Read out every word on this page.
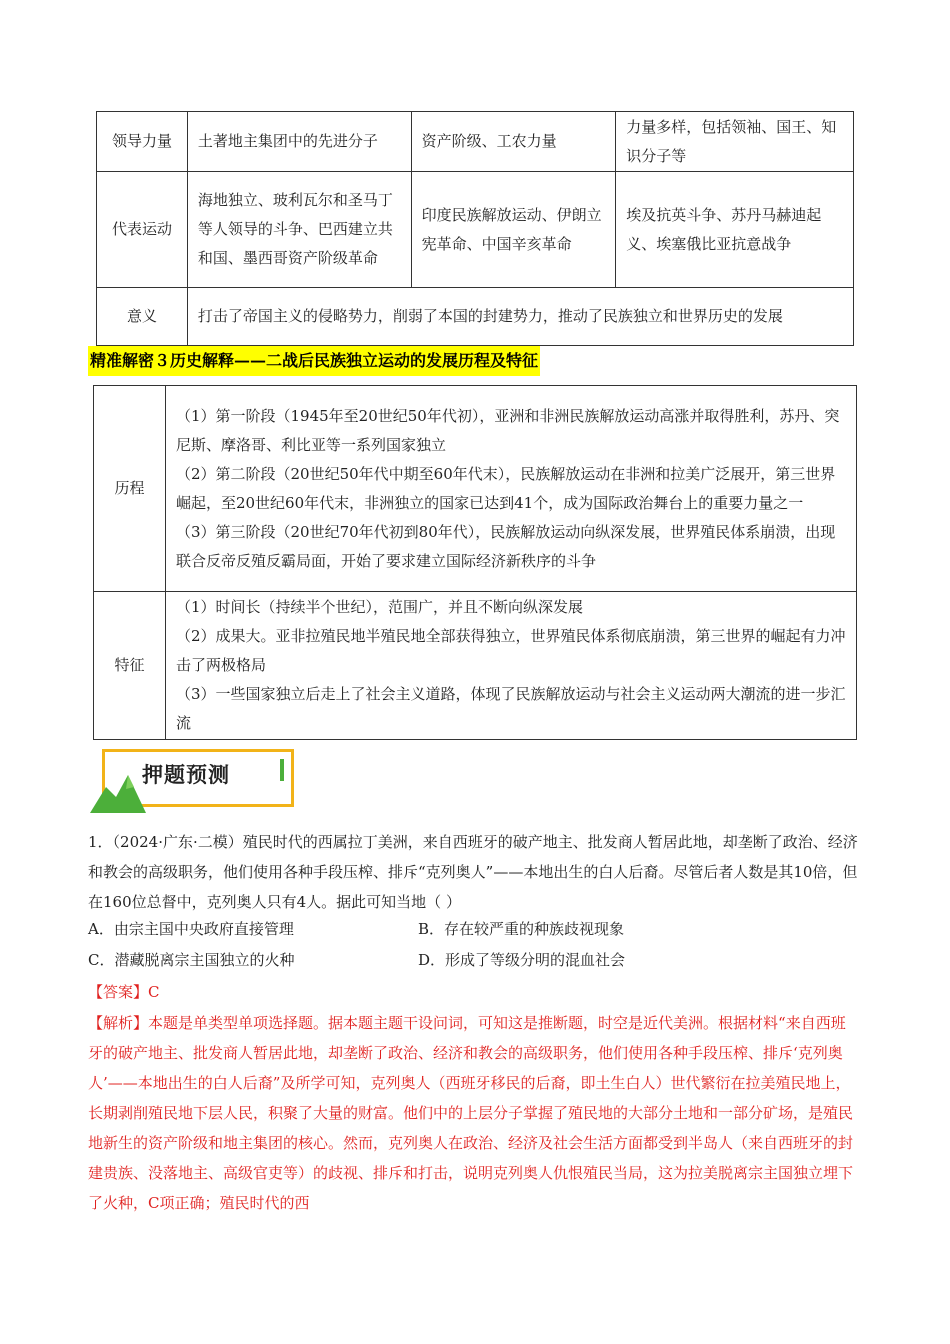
领导力量	土著地主集团中的先进分子	资产阶级、工农力量	力量多样，包括领袖、国王、知识分子等
代表运动	海地独立、玻利瓦尔和圣马丁等人领导的斗争、巴西建立共和国、墨西哥资产阶级革命	印度民族解放运动、伊朗立宪革命、中国辛亥革命	埃及抗英斗争、苏丹马赫迪起义、埃塞俄比亚抗意战争
意义	打击了帝国主义的侵略势力，削弱了本国的封建势力，推动了民族独立和世界历史的发展		
精准解密３历史解释——二战后民族独立运动的发展历程及特征
历程	（1）第一阶段（1945年至20世纪50年代初），亚洲和非洲民族解放运动高涨并取得胜利，苏丹、突尼斯、摩洛哥、利比亚等一系列国家独立
（2）第二阶段（20世纪50年代中期至60年代末），民族解放运动在非洲和拉美广泛展开，第三世界崛起，至20世纪60年代末，非洲独立的国家已达到41个，成为国际政治舞台上的重要力量之一
（3）第三阶段（20世纪70年代初到80年代），民族解放运动向纵深发展，世界殖民体系崩溃，出现联合反帝反殖反霸局面，开始了要求建立国际经济新秩序的斗争

特征	（1）时间长（持续半个世纪），范围广，并且不断向纵深发展
（2）成果大。亚非拉殖民地半殖民地全部获得独立，世界殖民体系彻底崩溃，第三世界的崛起有力冲击了两极格局
（3）一些国家独立后走上了社会主义道路，体现了民族解放运动与社会主义运动两大潮流的进一步汇流
押题预测
1．（2024·广东·二模）殖民时代的西属拉丁美洲，来自西班牙的破产地主、批发商人暂居此地，却垄断了政治、经济和教会的高级职务，他们使用各种手段压榨、排斥“克列奥人”——本地出生的白人后裔。尽管后者人数是其10倍，但在160位总督中，克列奥人只有4人。据此可知当地（ ）
A．由宗主国中央政府直接管理	B．存在较严重的种族歧视现象
C．潜藏脱离宗主国独立的火种	D．形成了等级分明的混血社会
【答案】C
【解析】本题是单类型单项选择题。据本题主题干设问词，可知这是推断题，时空是近代美洲。根据材料“来自西班牙的破产地主、批发商人暂居此地，却垄断了政治、经济和教会的高级职务，他们使用各种手段压榨、排斥‘克列奥人’——本地出生的白人后裔”及所学可知，克列奥人（西班牙移民的后裔，即土生白人）世代繁衍在拉美殖民地上，长期剥削殖民地下层人民，积聚了大量的财富。他们中的上层分子掌握了殖民地的大部分土地和一部分矿场，是殖民地新生的资产阶级和地主集团的核心。然而，克列奥人在政治、经济及社会生活方面都受到半岛人（来自西班牙的封建贵族、没落地主、高级官吏等）的歧视、排斥和打击，说明克列奥人仇恨殖民当局，这为拉美脱离宗主国独立埋下了火种，C项正确；殖民时代的西
